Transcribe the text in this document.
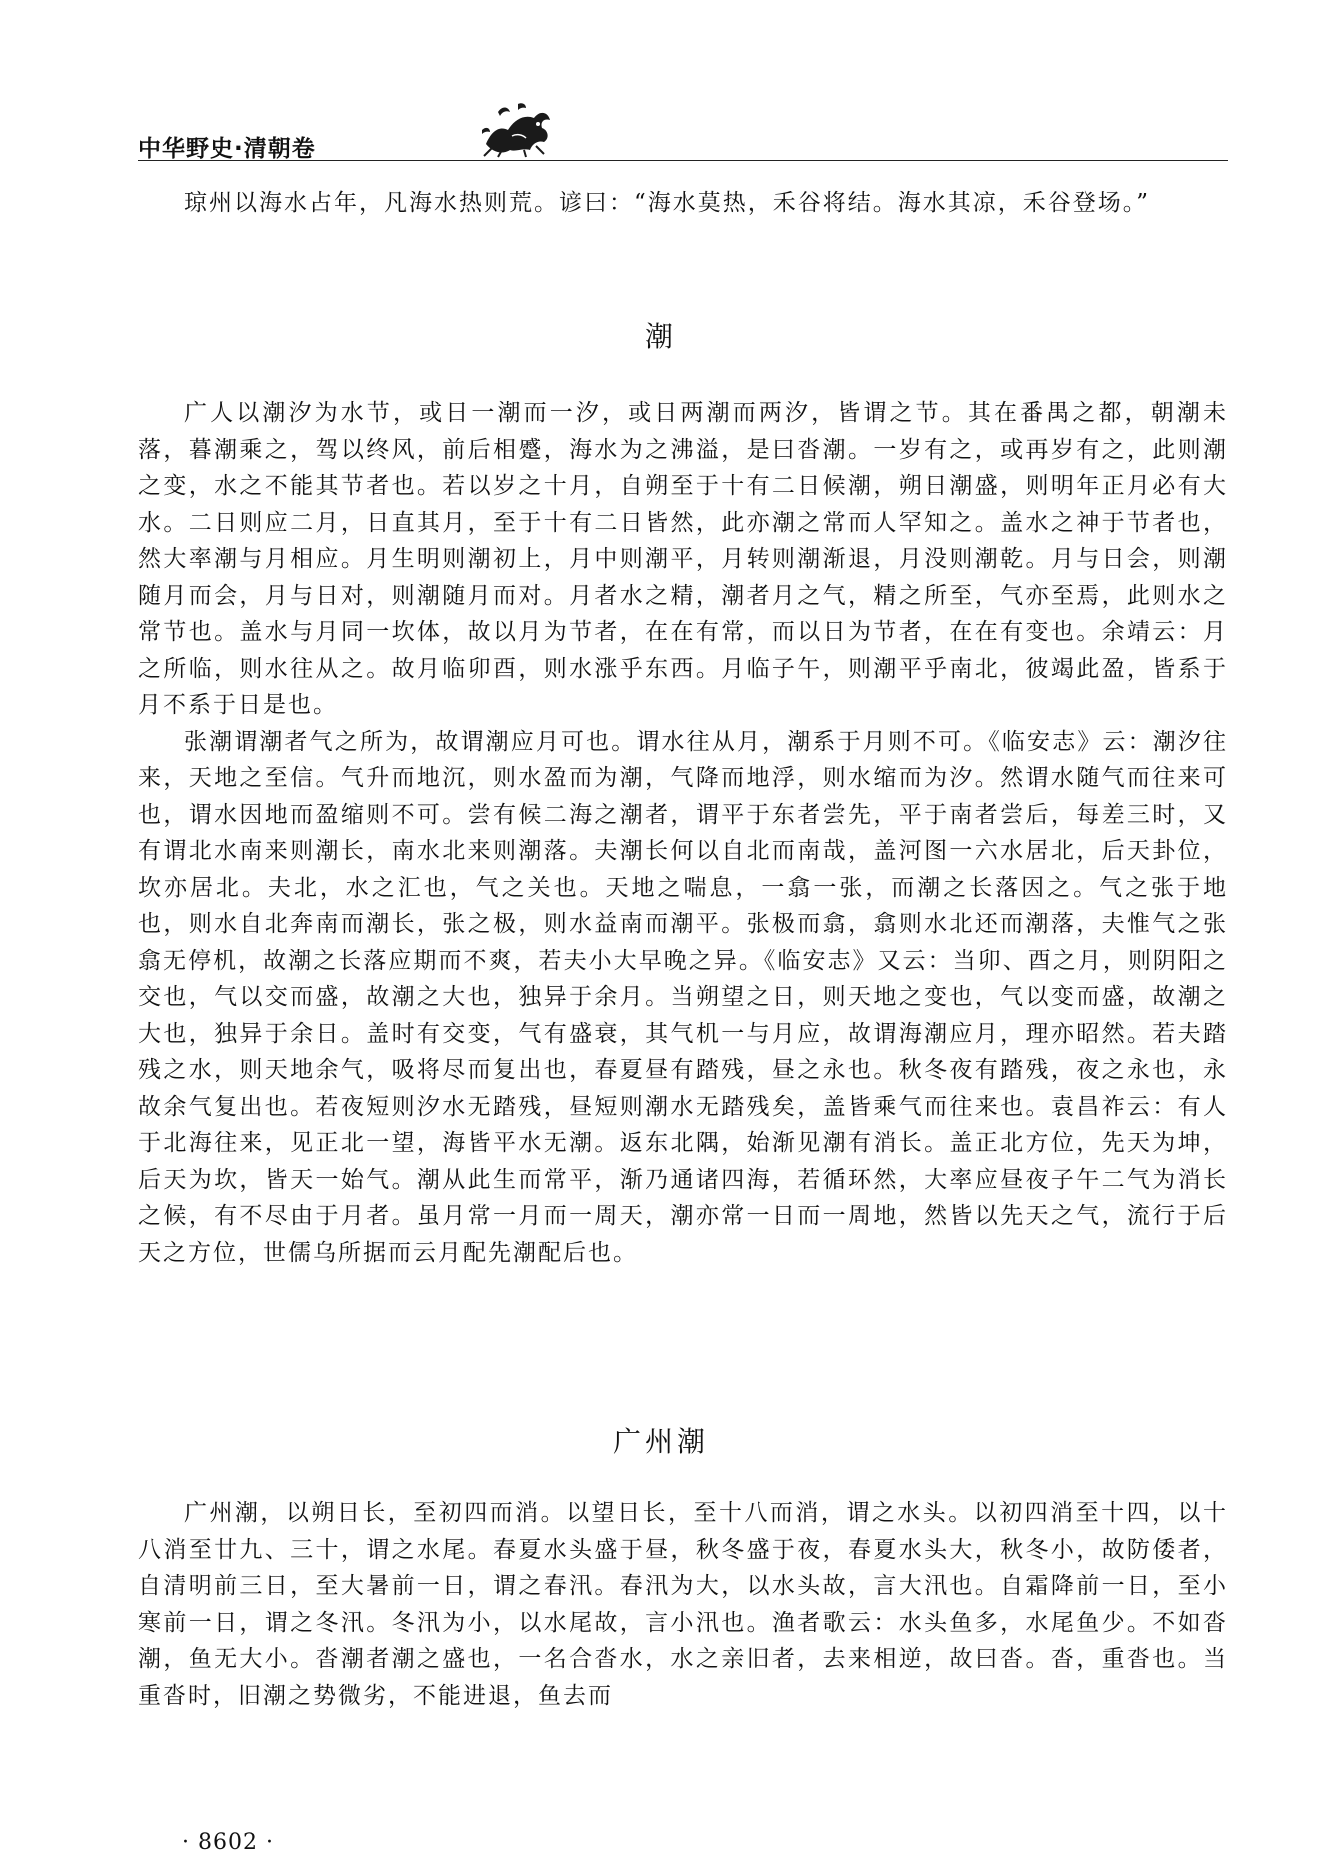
中华野史·清朝卷

琼州以海水占年，凡海水热则荒。谚曰：“海水莫热，禾谷将结。海水其凉，禾谷登场。”

潮

广人以潮汐为水节，或日一潮而一汐，或日两潮而两汐，皆谓之节。其在番禺之都，朝潮未落，暮潮乘之，驾以终风，前后相蹙，海水为之沸溢，是曰沓潮。一岁有之，或再岁有之，此则潮之变，水之不能其节者也。若以岁之十月，自朔至于十有二日候潮，朔日潮盛，则明年正月必有大水。二日则应二月，日直其月，至于十有二日皆然，此亦潮之常而人罕知之。盖水之神于节者也，然大率潮与月相应。月生明则潮初上，月中则潮平，月转则潮渐退，月没则潮乾。月与日会，则潮随月而会，月与日对，则潮随月而对。月者水之精，潮者月之气，精之所至，气亦至焉，此则水之常节也。盖水与月同一坎体，故以月为节者，在在有常，而以日为节者，在在有变也。余靖云：月之所临，则水往从之。故月临卯酉，则水涨乎东西。月临子午，则潮平乎南北，彼竭此盈，皆系于月不系于日是也。

张潮谓潮者气之所为，故谓潮应月可也。谓水往从月，潮系于月则不可。《临安志》云：潮汐往来，天地之至信。气升而地沉，则水盈而为潮，气降而地浮，则水缩而为汐。然谓水随气而往来可也，谓水因地而盈缩则不可。尝有候二海之潮者，谓平于东者尝先，平于南者尝后，每差三时，又有谓北水南来则潮长，南水北来则潮落。夫潮长何以自北而南哉，盖河图一六水居北，后天卦位，坎亦居北。夫北，水之汇也，气之关也。天地之喘息，一翕一张，而潮之长落因之。气之张于地也，则水自北奔南而潮长，张之极，则水益南而潮平。张极而翕，翕则水北还而潮落，夫惟气之张翕无停机，故潮之长落应期而不爽，若夫小大早晚之异。《临安志》又云：当卯、酉之月，则阴阳之交也，气以交而盛，故潮之大也，独异于余月。当朔望之日，则天地之变也，气以变而盛，故潮之大也，独异于余日。盖时有交变，气有盛衰，其气机一与月应，故谓海潮应月，理亦昭然。若夫踏残之水，则天地余气，吸将尽而复出也，春夏昼有踏残，昼之永也。秋冬夜有踏残，夜之永也，永故余气复出也。若夜短则汐水无踏残，昼短则潮水无踏残矣，盖皆乘气而往来也。袁昌祚云：有人于北海往来，见正北一望，海皆平水无潮。返东北隅，始渐见潮有消长。盖正北方位，先天为坤，后天为坎，皆天一始气。潮从此生而常平，渐乃通诸四海，若循环然，大率应昼夜子午二气为消长之候，有不尽由于月者。虽月常一月而一周天，潮亦常一日而一周地，然皆以先天之气，流行于后天之方位，世儒乌所据而云月配先潮配后也。

广州潮

广州潮，以朔日长，至初四而消。以望日长，至十八而消，谓之水头。以初四消至十四，以十八消至廿九、三十，谓之水尾。春夏水头盛于昼，秋冬盛于夜，春夏水头大，秋冬小，故防倭者，自清明前三日，至大暑前一日，谓之春汛。春汛为大，以水头故，言大汛也。自霜降前一日，至小寒前一日，谓之冬汛。冬汛为小，以水尾故，言小汛也。渔者歌云：水头鱼多，水尾鱼少。不如沓潮，鱼无大小。沓潮者潮之盛也，一名合沓水，水之亲旧者，去来相逆，故曰沓。沓，重沓也。当重沓时，旧潮之势微劣，不能进退，鱼去而

· 8602 ·
